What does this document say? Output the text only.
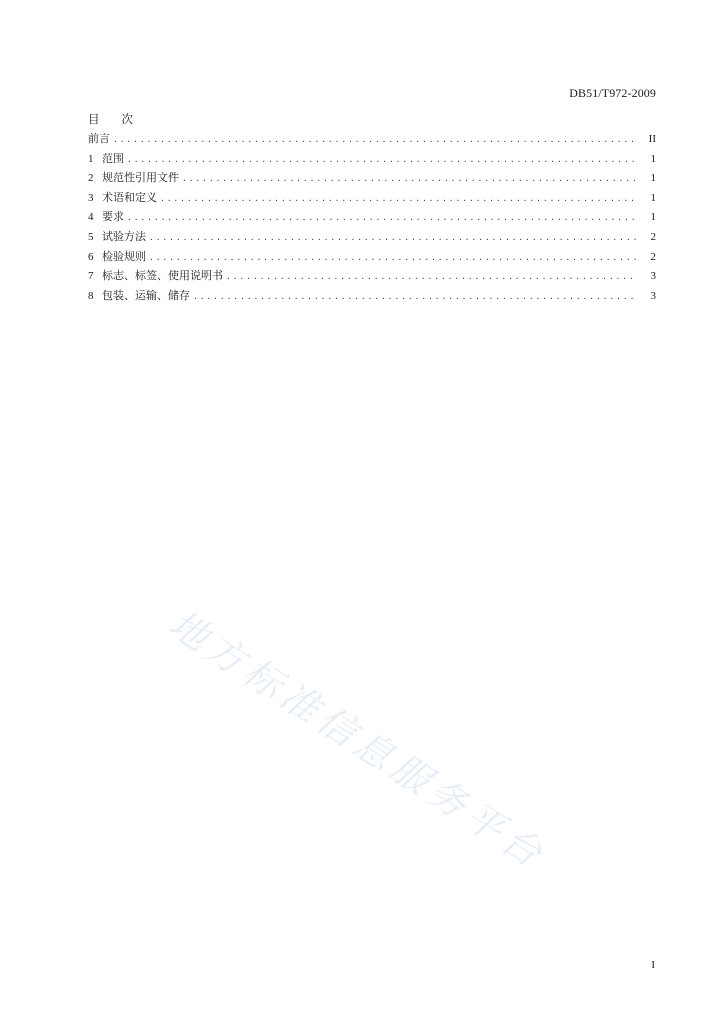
DB51/T972-2009
目 次
前言 .....	II
1 范围 .....	1
2 规范性引用文件 .....	1
3 术语和定义 .....	1
4 要求 .....	1
5 试验方法 .....	2
6 检验规则 .....	2
7 标志、标签、使用说明书 .....	3
8 包装、运输、储存 .....	3
地方标准信息服务平台
I
